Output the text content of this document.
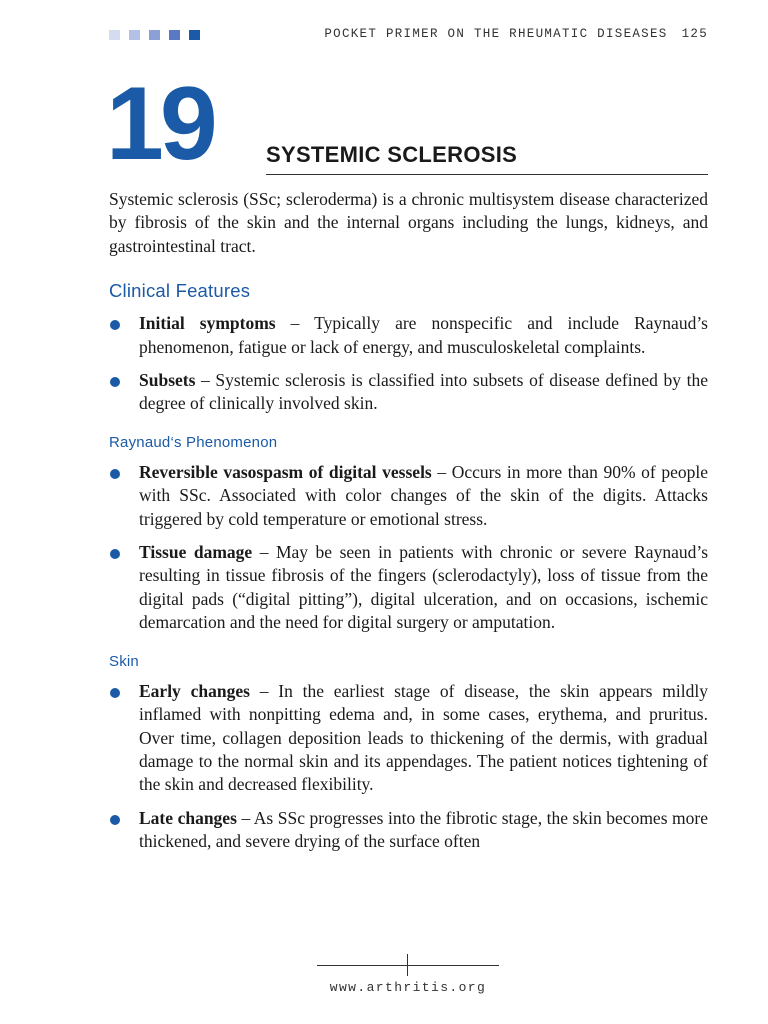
POCKET PRIMER ON THE RHEUMATIC DISEASES 125
19 SYSTEMIC SCLEROSIS

Systemic sclerosis (SSc; scleroderma) is a chronic multisystem disease characterized by fibrosis of the skin and the internal organs including the lungs, kidneys, and gastrointestinal tract.

Clinical Features

Initial symptoms – Typically are nonspecific and include Raynaud’s phenomenon, fatigue or lack of energy, and musculoskeletal complaints.

Subsets – Systemic sclerosis is classified into subsets of disease defined by the degree of clinically involved skin.

Raynaud‘s Phenomenon

Reversible vasospasm of digital vessels – Occurs in more than 90% of people with SSc. Associated with color changes of the skin of the digits. Attacks triggered by cold temperature or emotional stress.

Tissue damage – May be seen in patients with chronic or severe Raynaud’s resulting in tissue fibrosis of the fingers (sclerodactyly), loss of tissue from the digital pads (“digital pitting”), digital ulceration, and on occasions, ischemic demarcation and the need for digital surgery or amputation.

Skin

Early changes – In the earliest stage of disease, the skin appears mildly inflamed with nonpitting edema and, in some cases, erythema, and pruritus. Over time, collagen deposition leads to thickening of the dermis, with gradual damage to the normal skin and its appendages. The patient notices tightening of the skin and decreased flexibility.

Late changes – As SSc progresses into the fibrotic stage, the skin becomes more thickened, and severe drying of the surface often

www.arthritis.org
